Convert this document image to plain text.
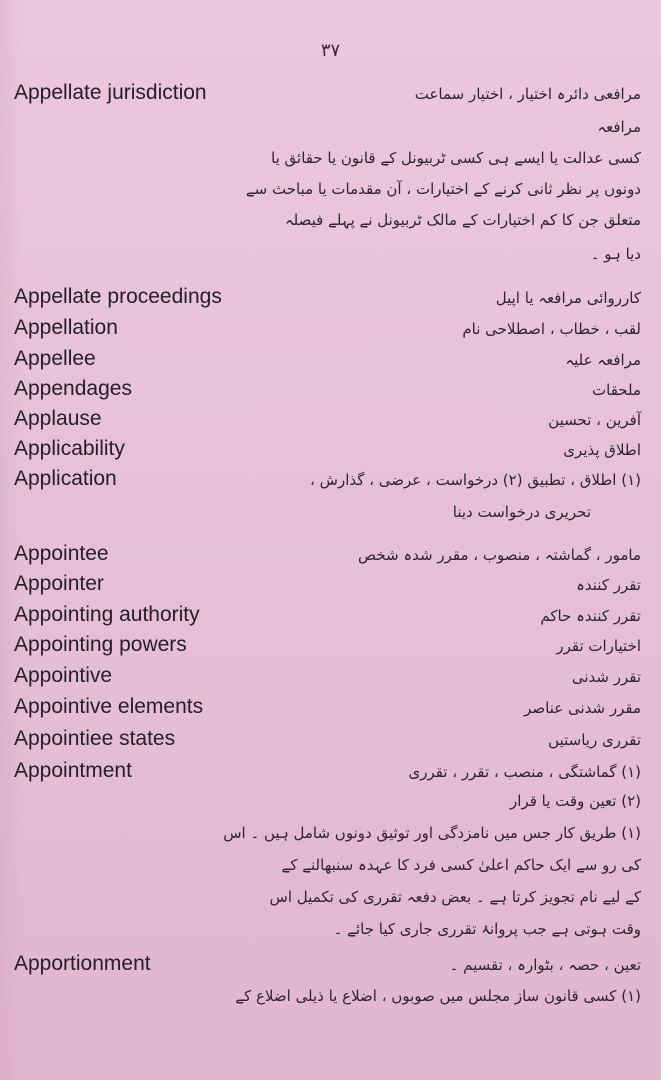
۳۷
Appellate jurisdiction	مرافعی دائرہ اختیار ، اختیار سماعت
مرافعہ
کسی عدالت یا ایسے ہی کسی ٹربیونل کے قانون یا حقائق یا
دونوں پر نظر ثانی کرنے کے اختیارات ، آن مقدمات یا مباحث سے
متعلق جن کا کم اختیارات کے مالک ٹربیونل نے پہلے فیصلہ
دیا ہو ۔
Appellate proceedings	کارروائی مرافعہ یا اپیل
Appellation	لقب ، خطاب ، اصطلاحی نام
Appellee	مرافعہ علیہ
Appendages	ملحقات
Applause	آفرین ، تحسین
Applicability	اطلاق پذیری
Application	(۱) اطلاق ، تطبیق (۲) درخواست ، عرضی ، گذارش ،
تحریری درخواست دینا
Appointee	مامور ، گماشتہ ، منصوب ، مقرر شدہ شخص
Appointer	تقرر کنندہ
Appointing authority	تقرر کنندہ حاکم
Appointing powers	اختیارات تقرر
Appointive	تقرر شدنی
Appointive elements	مقرر شدنی عناصر
Appointiee states	تقرری ریاستیں
Appointment	(۱) گماشتگی ، منصب ، تقرر ، تقرری
(۲) تعین وقت یا قرار
(۱) طریق کار جس میں نامزدگی اور توثیق دونوں شامل ہیں ۔ اس
کی رو سے ایک حاکم اعلیٰ کسی فرد کا عہدہ سنبھالنے کے
کے لیے نام تجویز کرتا ہے ۔ بعض دفعہ تقرری کی تکمیل اس
وقت ہوتی ہے جب پروانۂ تقرری جاری کیا جائے ۔
Apportionment	تعین ، حصہ ، بٹوارہ ، تقسیم ۔
(۱) کسی قانون ساز مجلس میں صوبوں ، اضلاع یا ذیلی اضلاع کے
